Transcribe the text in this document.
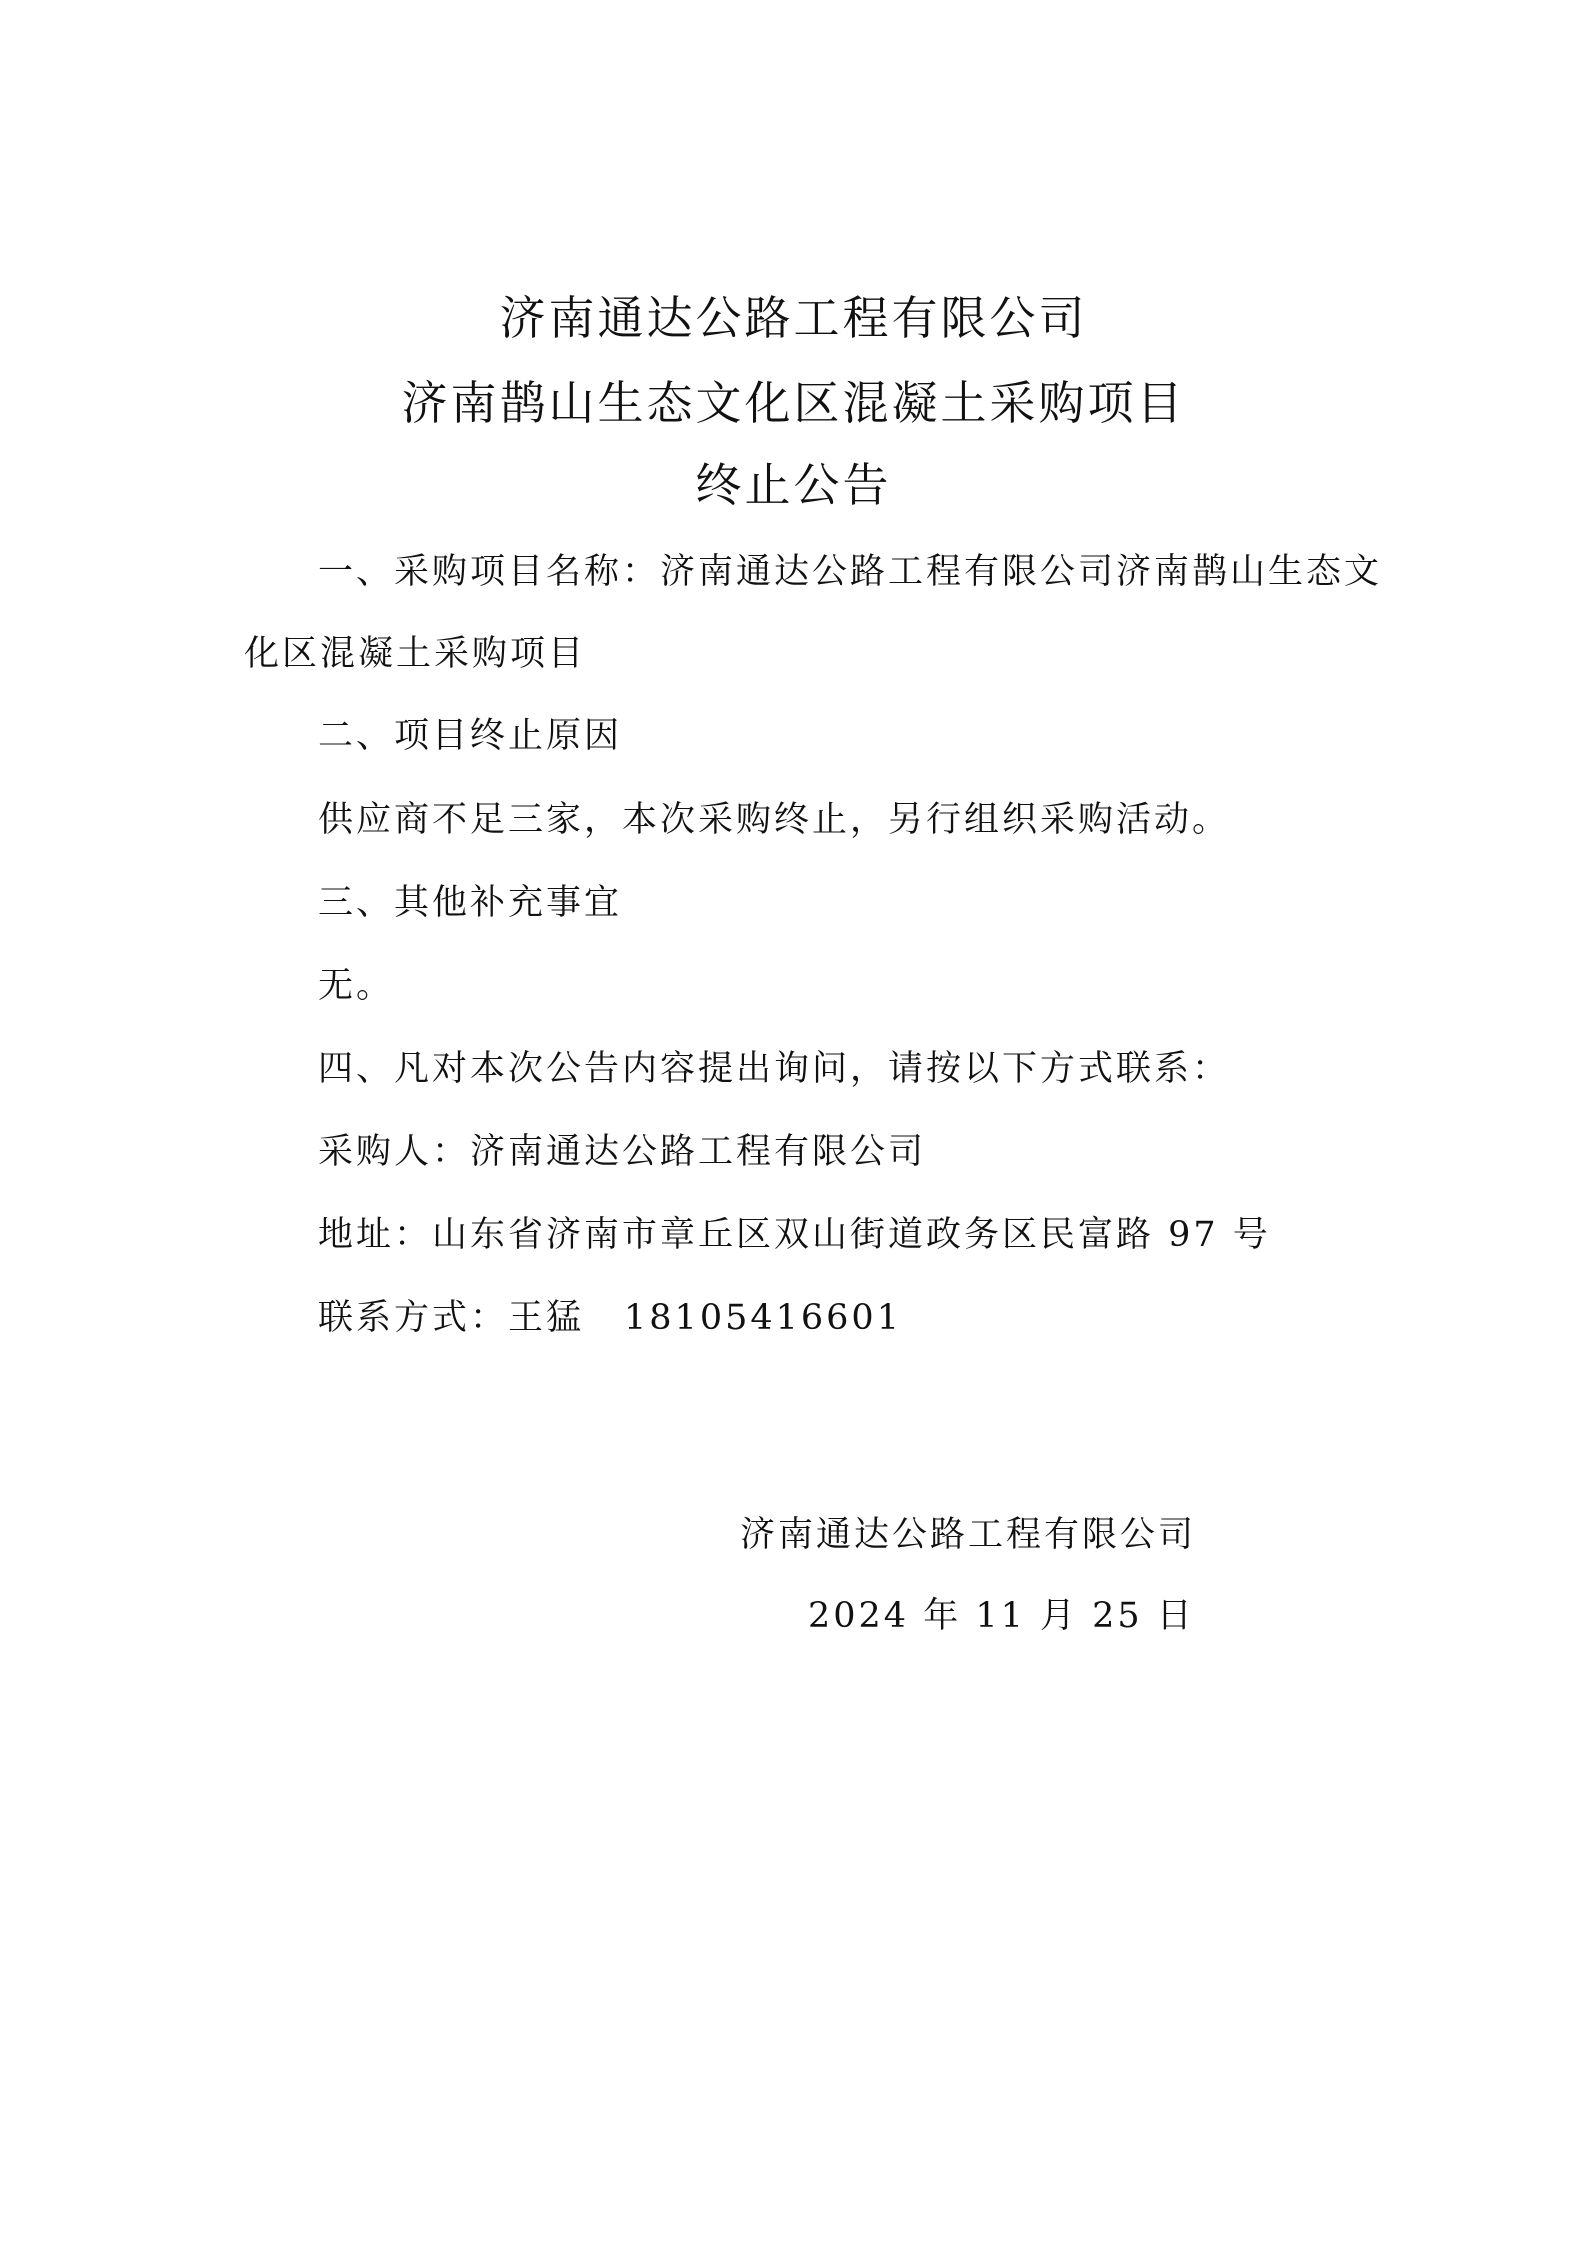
济南通达公路工程有限公司
济南鹊山生态文化区混凝土采购项目
终止公告
一、采购项目名称：济南通达公路工程有限公司济南鹊山生态文
化区混凝土采购项目
二、项目终止原因
供应商不足三家，本次采购终止，另行组织采购活动。
三、其他补充事宜
无。
四、凡对本次公告内容提出询问，请按以下方式联系：
采购人：济南通达公路工程有限公司
地址：山东省济南市章丘区双山街道政务区民富路 97 号
联系方式：王猛 18105416601
济南通达公路工程有限公司
2024 年 11 月 25 日
